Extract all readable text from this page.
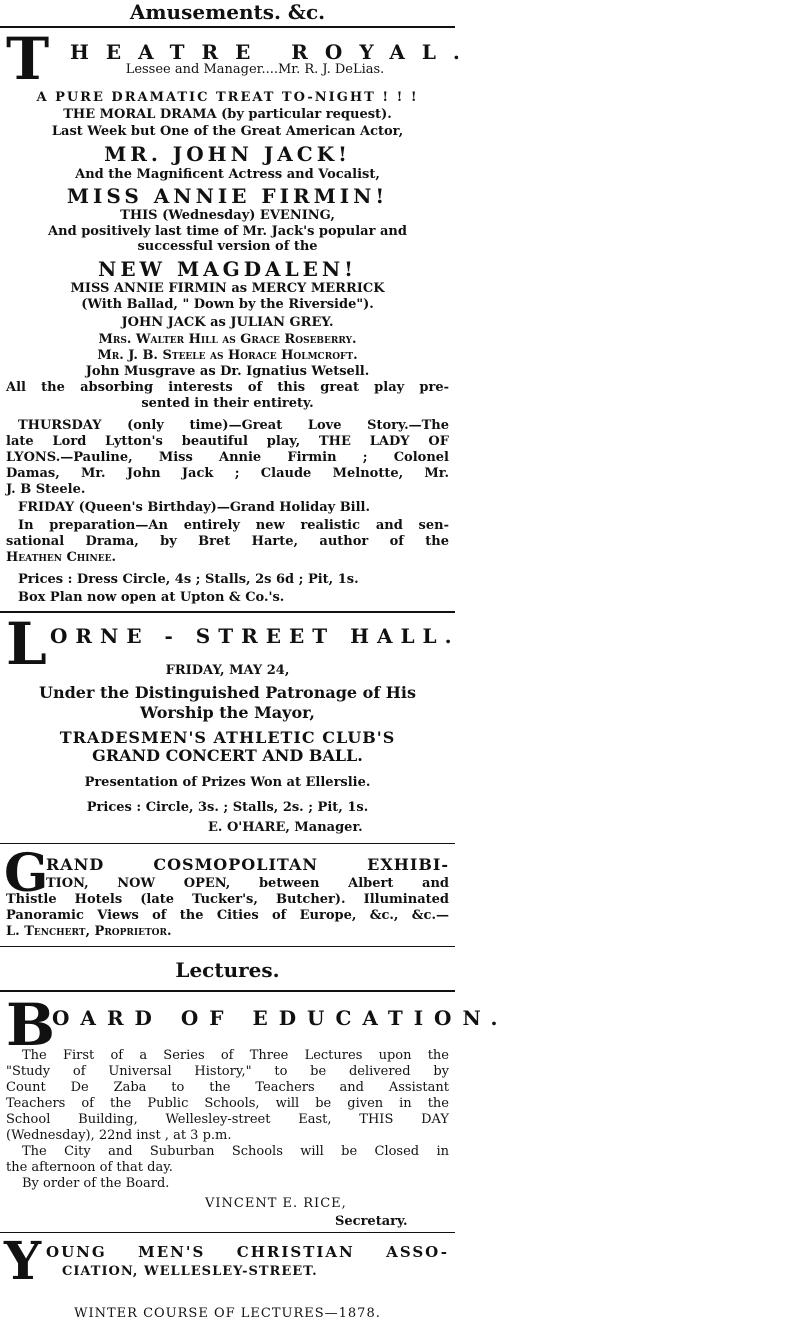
Amusements. &c.
T HEATRE ROYAL.
Lessee and Manager....Mr. R. J. DeLias.
A PURE DRAMATIC TREAT TO-NIGHT ! ! !
THE MORAL DRAMA (by particular request).
Last Week but One of the Great American Actor,
MR. JOHN JACK!
And the Magnificent Actress and Vocalist,
MISS ANNIE FIRMIN!
THIS (Wednesday) EVENING,
And positively last time of Mr. Jack's popular and
successful version of the
NEW MAGDALEN!
MISS ANNIE FIRMIN as MERCY MERRICK
(With Ballad, " Down by the Riverside").
JOHN JACK as JULIAN GREY.
Mrs. Walter Hill as Grace Roseberry.
Mr. J. B. Steele as Horace Holmcroft.
John Musgrave as Dr. Ignatius Wetsell.
All the absorbing interests of this great play pre-
sented in their entirety.
THURSDAY (only time)—Great Love Story.—The
late Lord Lytton's beautiful play, THE LADY OF
LYONS.—Pauline, Miss Annie Firmin ; Colonel
Damas, Mr. John Jack ; Claude Melnotte, Mr.
J. B Steele.
FRIDAY (Queen's Birthday)—Grand Holiday Bill.
In preparation—An entirely new realistic and sen-
sational Drama, by Bret Harte, author of the
Heathen Chinee.
Prices : Dress Circle, 4s ; Stalls, 2s 6d ; Pit, 1s.
Box Plan now open at Upton & Co.'s.
L ORNE - STREET HALL.
FRIDAY, MAY 24,
Under the Distinguished Patronage of His
Worship the Mayor,
TRADESMEN'S ATHLETIC CLUB'S
GRAND CONCERT AND BALL.
Presentation of Prizes Won at Ellerslie.
Prices : Circle, 3s. ; Stalls, 2s. ; Pit, 1s.
E. O'HARE, Manager.
G
RAND COSMOPOLITAN EXHIBI-
TION, NOW OPEN, between Albert and
Thistle Hotels (late Tucker's, Butcher). Illuminated
Panoramic Views of the Cities of Europe, &c., &c.—
L. Tenchert, Proprietor.
Lectures.
B
OARD OF EDUCATION.
The First of a Series of Three Lectures upon the
"Study of Universal History," to be delivered by
Count De Zaba to the Teachers and Assistant
Teachers of the Public Schools, will be given in the
School Building, Wellesley-street East, THIS DAY
(Wednesday), 22nd inst , at 3 p.m.
The City and Suburban Schools will be Closed in
the afternoon of that day.
By order of the Board.
VINCENT E. RICE,
Secretary.
Y OUNG MEN'S CHRISTIAN ASSO-
CIATION, WELLESLEY-STREET.
WINTER COURSE OF LECTURES—1878.
